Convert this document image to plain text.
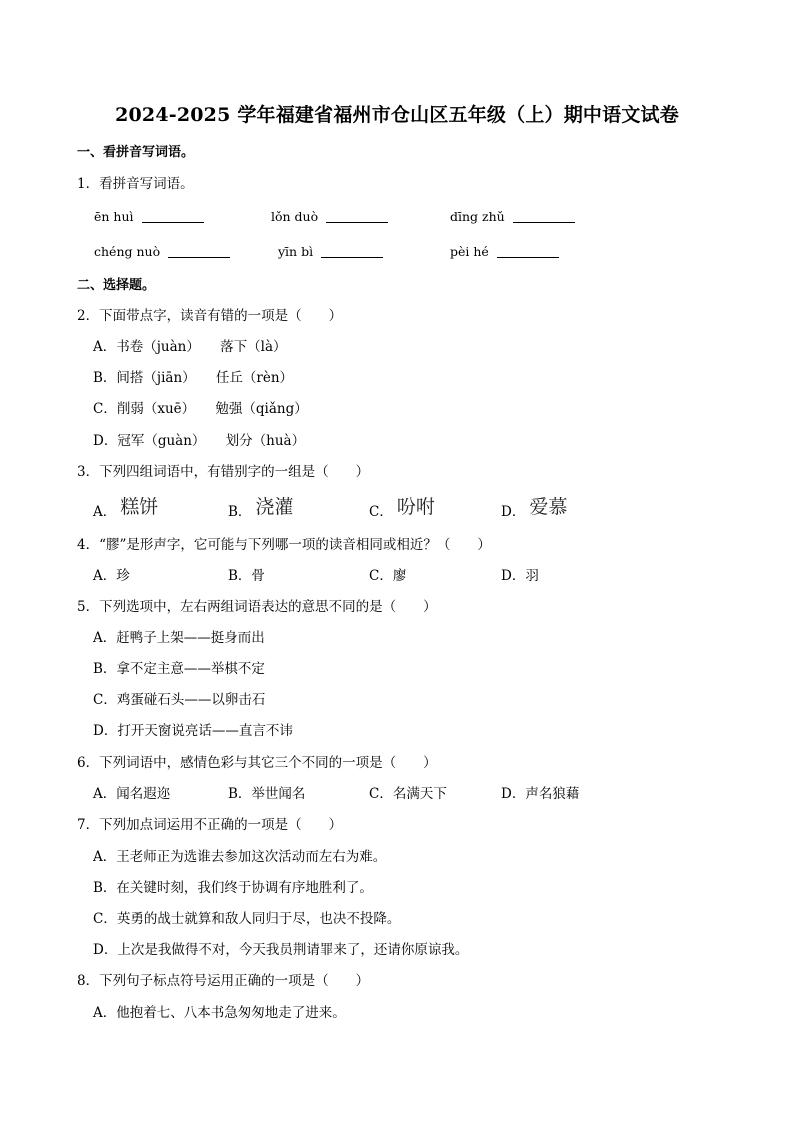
2024-2025 学年福建省福州市仓山区五年级（上）期中语文试卷
一、看拼音写词语。
1．看拼音写词语。
ēn huì	lǒn duò	dīng zhǔ
chéng nuò	yīn bì	pèi hé
二、选择题。
2．下面带点字，读音有错的一项是（　　）
A．书卷（juàn）　　落下（là）
B．间搭（jiān）　　任丘（rèn）
C．削弱（xuē）　　勉强（qiǎng）
D．冠军（guàn）　　划分（huà）
3．下列四组词语中，有错别字的一组是（　　）
A． 糕饼	B． 浇灌	C． 吩咐	D． 爱慕
4．“膠”是形声字，它可能与下列哪一项的读音相同或相近？（　　）
A．珍	B．骨	C．廖	D．羽
5．下列选项中，左右两组词语表达的意思不同的是（　　）
A．赶鸭子上架——挺身而出
B．拿不定主意——举棋不定
C．鸡蛋碰石头——以卵击石
D．打开天窗说亮话——直言不讳
6．下列词语中，感情色彩与其它三个不同的一项是（　　）
A．闻名遐迩	B．举世闻名	C．名满天下	D．声名狼藉
7．下列加点词运用不正确的一项是（　　）
A．王老师正为选谁去参加这次活动而左右为难。
B．在关键时刻，我们终于协调有序地胜利了。
C．英勇的战士就算和敌人同归于尽，也决不投降。
D．上次是我做得不对，今天我员荆请罪来了，还请你原谅我。
8．下列句子标点符号运用正确的一项是（　　）
A．他抱着七、八本书急匆匆地走了进来。
